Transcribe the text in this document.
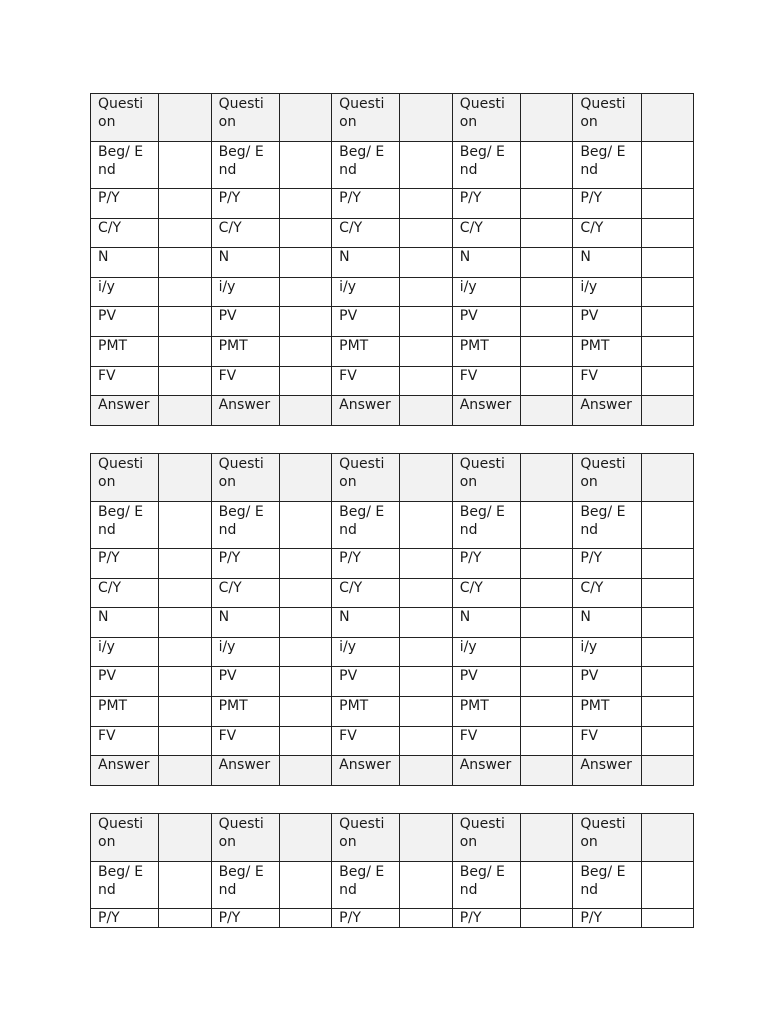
Question		Question		Question		Question		Question	
Beg/ End		Beg/ End		Beg/ End		Beg/ End		Beg/ End	
P/Y		P/Y		P/Y		P/Y		P/Y	
C/Y		C/Y		C/Y		C/Y		C/Y	
N		N		N		N		N	
i/y		i/y		i/y		i/y		i/y	
PV		PV		PV		PV		PV	
PMT		PMT		PMT		PMT		PMT	
FV		FV		FV		FV		FV	
Answer		Answer		Answer		Answer		Answer	
Question		Question		Question		Question		Question	
Beg/ End		Beg/ End		Beg/ End		Beg/ End		Beg/ End	
P/Y		P/Y		P/Y		P/Y		P/Y	
C/Y		C/Y		C/Y		C/Y		C/Y	
N		N		N		N		N	
i/y		i/y		i/y		i/y		i/y	
PV		PV		PV		PV		PV	
PMT		PMT		PMT		PMT		PMT	
FV		FV		FV		FV		FV	
Answer		Answer		Answer		Answer		Answer	
Question		Question		Question		Question		Question	
Beg/ End		Beg/ End		Beg/ End		Beg/ End		Beg/ End	
P/Y		P/Y		P/Y		P/Y		P/Y	
